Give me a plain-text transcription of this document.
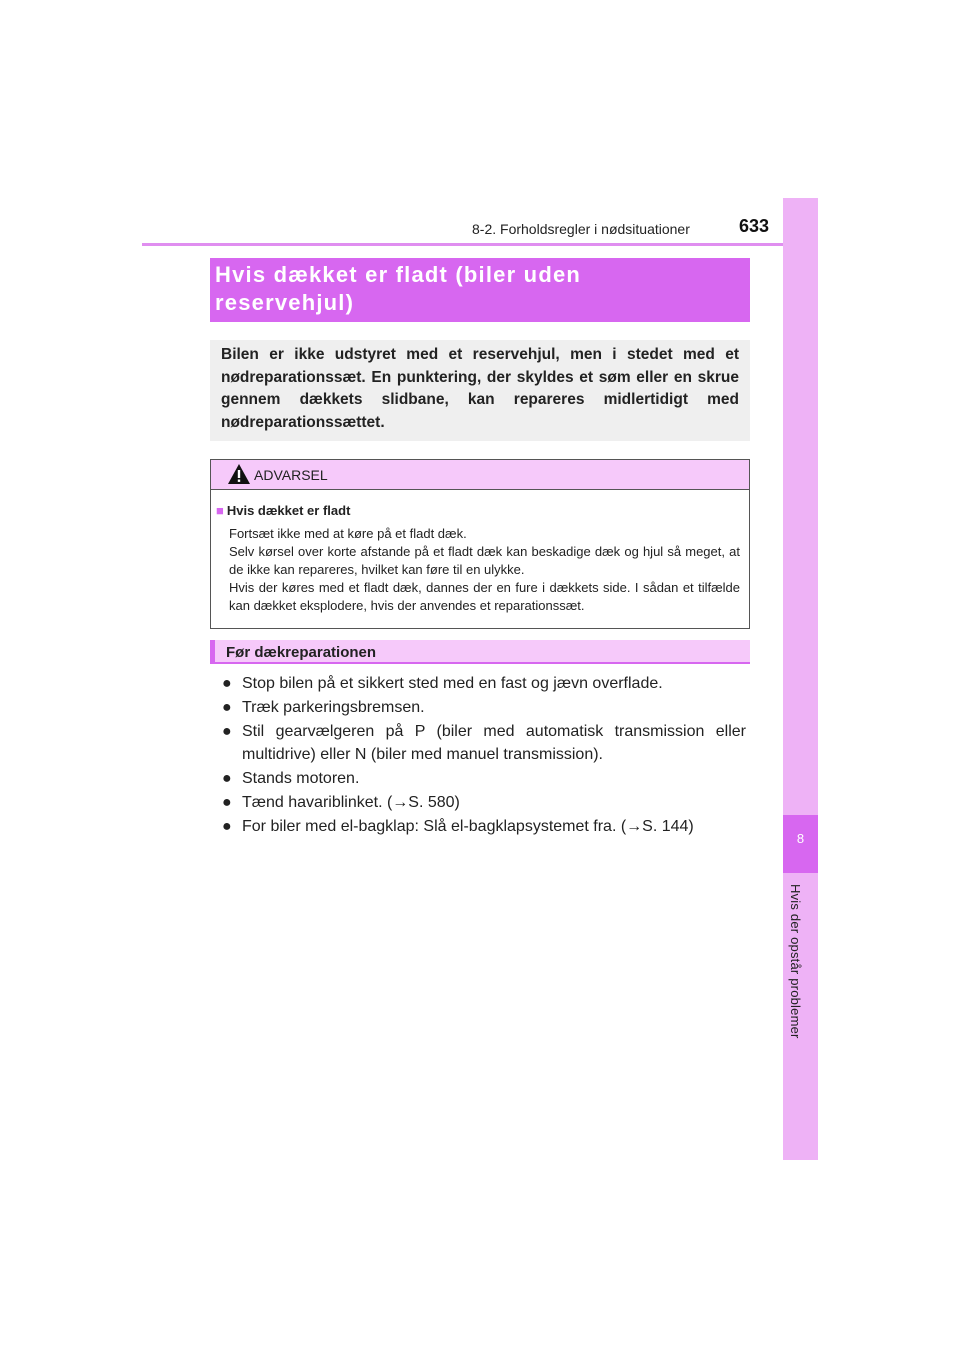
8-2. Forholdsregler i nødsituationer	633
8
Hvis der opstår problemer
Hvis dækket er fladt (biler uden
reservehjul)
Bilen er ikke udstyret med et reservehjul, men i stedet med et nødreparationssæt. En punktering, der skyldes et søm eller en skrue gennem dækkets slidbane, kan repareres midlertidigt med nødreparationssættet.
ADVARSEL
■ Hvis dækket er fladt

Fortsæt ikke med at køre på et fladt dæk.

Selv kørsel over korte afstande på et fladt dæk kan beskadige dæk og hjul så meget, at de ikke kan repareres, hvilket kan føre til en ulykke.

Hvis der køres med et fladt dæk, dannes der en fure i dækkets side. I sådan et tilfælde kan dækket eksplodere, hvis der anvendes et reparationssæt.

Før dækreparationen
● Stop bilen på et sikkert sted med en fast og jævn overflade.
● Træk parkeringsbremsen.
● Stil gearvælgeren på P (biler med automatisk transmission eller multidrive) eller N (biler med manuel transmission).
● Stands motoren.
● Tænd havariblinket. (→S. 580)
● For biler med el-bagklap: Slå el-bagklapsystemet fra. (→S. 144)
